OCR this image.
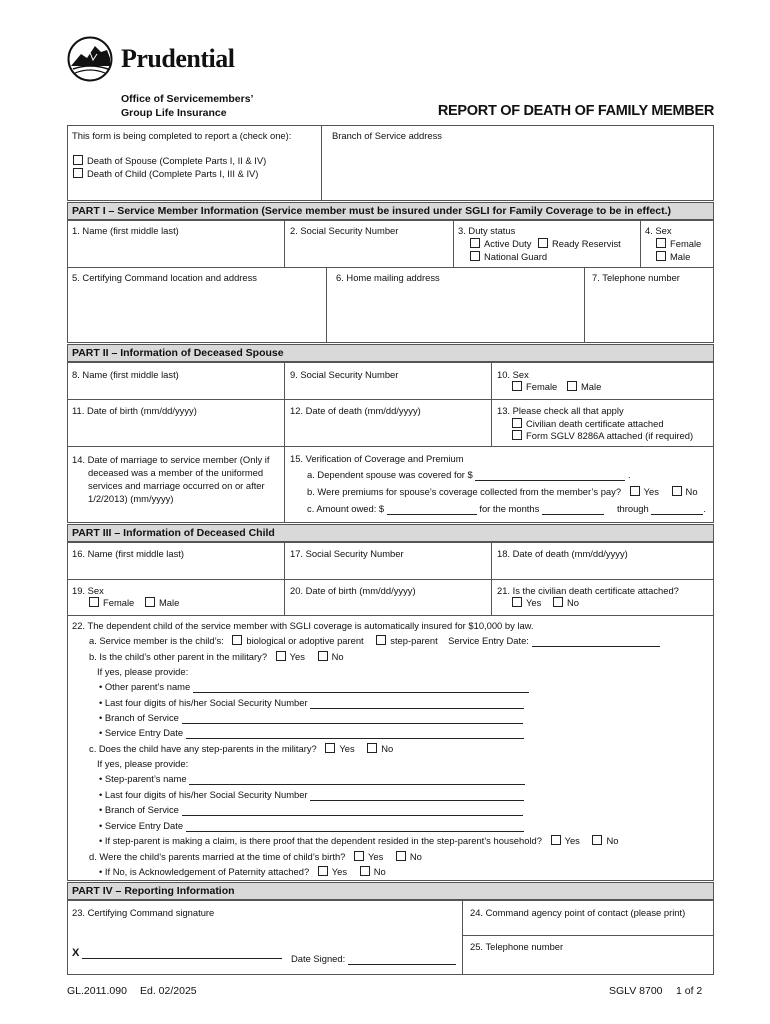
Prudential
Office of Servicemembers’
Group Life Insurance	REPORT OF DEATH OF FAMILY MEMBER
This form is being completed to report a (check one):
Death of Spouse (Complete Parts I, II & IV)
Death of Child (Complete Parts I, III & IV)
Branch of Service address
PART I – Service Member Information (Service member must be insured under SGLI for Family Coverage to be in effect.)
1. Name (first middle last)	2. Social Security Number	3. Duty status
Active Duty	Ready Reservist
National Guard
4. Sex
Female
Male
5. Certifying Command location and address	6. Home mailing address	7. Telephone number
PART II – Information of Deceased Spouse
8. Name (first middle last)	9. Social Security Number	10. Sex
Female	Male
11. Date of birth (mm/dd/yyyy)	12. Date of death (mm/dd/yyyy)	13. Please check all that apply
Civilian death certificate attached
Form SGLV 8286A attached (if required)
14. Date of marriage to service member (Only if
deceased was a member of the uniformed
services and marriage occurred on or after
1/2/2013) (mm/yyyy)
15. Verification of Coverage and Premium
a. Dependent spouse was covered for $	.
b. Were premiums for spouse’s coverage collected from the member’s pay? Yes	No
c. Amount owed: $	for the months	through	.
PART III – Information of Deceased Child
16. Name (first middle last)	17. Social Security Number	18. Date of death (mm/dd/yyyy)
19. Sex
Female	Male
20. Date of birth (mm/dd/yyyy)	21. Is the civilian death certificate attached?
Yes	No
22. The dependent child of the service member with SGLI coverage is automatically insured for $10,000 by law.
a. Service member is the child’s: biological or adoptive parent	step-parent Service Entry Date:
b. Is the child’s other parent in the military? Yes	No
If yes, please provide:
• Other parent’s name
• Last four digits of his/her Social Security Number
• Branch of Service
• Service Entry Date
c. Does the child have any step-parents in the military? Yes	No
If yes, please provide:
• Step-parent’s name
• Last four digits of his/her Social Security Number
• Branch of Service
• Service Entry Date
• If step-parent is making a claim, is there proof that the dependent resided in the step-parent’s household? Yes	No
d. Were the child’s parents married at the time of child’s birth? Yes	No
• If No, is Acknowledgement of Paternity attached? Yes	No
PART IV – Reporting Information
23. Certifying Command signature
X	Date Signed:
24. Command agency point of contact (please print)
25. Telephone number
GL.2011.090 Ed. 02/2025	SGLV 8700 1 of 2
